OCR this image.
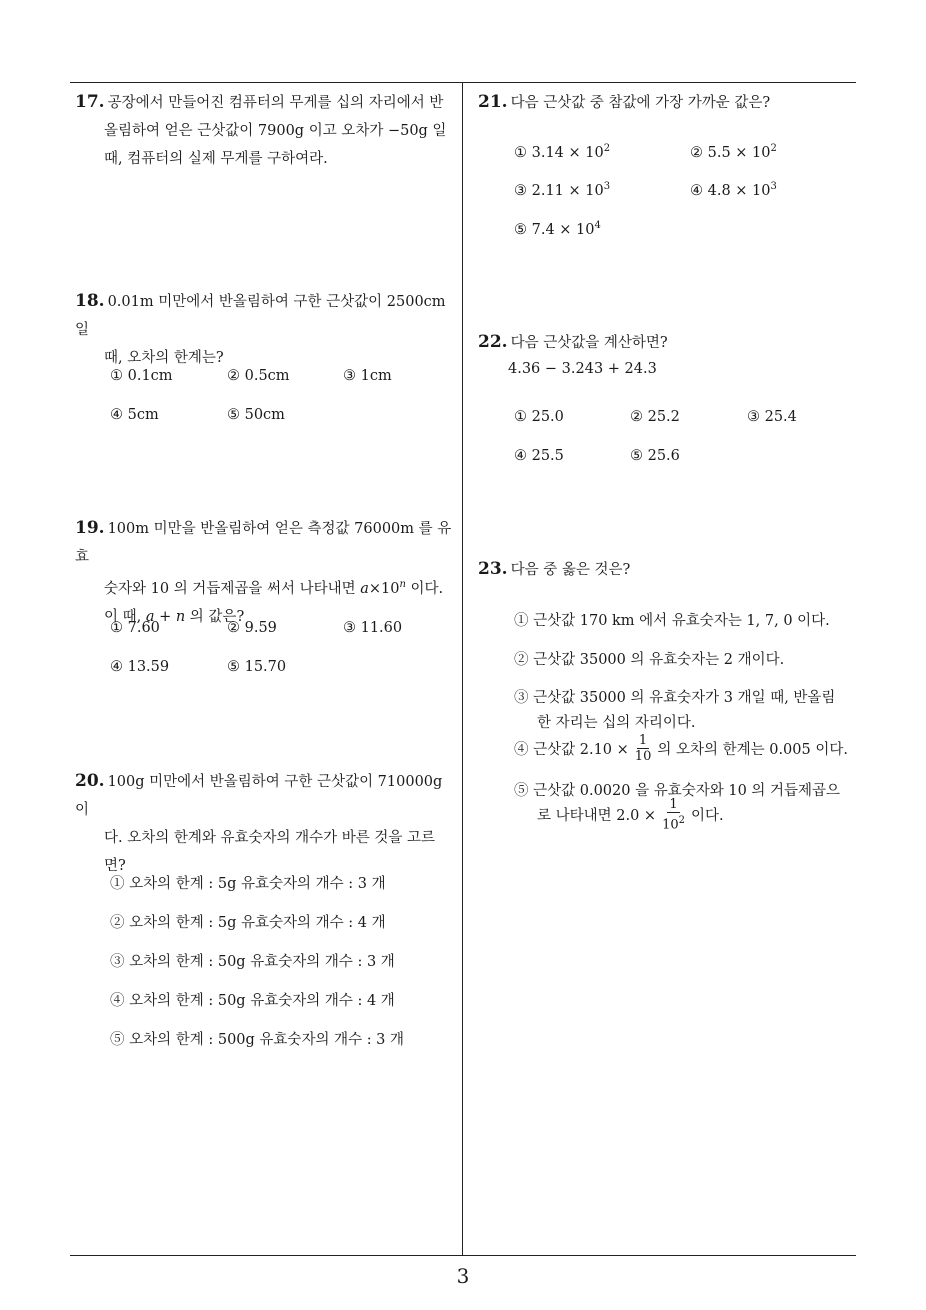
17. 공장에서 만들어진 컴퓨터의 무게를 십의 자리에서 반
올림하여 얻은 근삿값이 7900g 이고 오차가 −50g 일
때, 컴퓨터의 실제 무게를 구하여라.
18. 0.01m 미만에서 반올림하여 구한 근삿값이 2500cm 일
때, 오차의 한계는?
① 0.1cm	② 0.5cm	③ 1cm
④ 5cm	⑤ 50cm
19. 100m 미만을 반올림하여 얻은 측정값 76000m 를 유효
숫자와 10 의 거듭제곱을 써서 나타내면 $a\times 10^n$ 이다.
이 때, a + n 의 값은?
① 7.60	② 9.59	③ 11.60
④ 13.59	⑤ 15.70
20. 100g 미만에서 반올림하여 구한 근삿값이 710000g 이
다. 오차의 한계와 유효숫자의 개수가 바른 것을 고르
면?
① 오차의 한계 : 5g 유효숫자의 개수 : 3 개
② 오차의 한계 : 5g 유효숫자의 개수 : 4 개
③ 오차의 한계 : 50g 유효숫자의 개수 : 3 개
④ 오차의 한계 : 50g 유효숫자의 개수 : 4 개
⑤ 오차의 한계 : 500g 유효숫자의 개수 : 3 개
21. 다음 근삿값 중 참값에 가장 가까운 값은?
① $3.14 \times 10^2$	② $5.5 \times 10^2$
③ $2.11 \times 10^3$	④ $4.8 \times 10^3$
⑤ $7.4 \times 10^4$
22. 다음 근삿값을 계산하면?
4.36 − 3.243 + 24.3
① 25.0	② 25.2	③ 25.4
④ 25.5	⑤ 25.6
23. 다음 중 옳은 것은?
① 근삿값 170 km 에서 유효숫자는 1, 7, 0 이다.
② 근삿값 35000 의 유효숫자는 2 개이다.
③ 근삿값 35000 의 유효숫자가 3 개일 때, 반올림
한 자리는 십의 자리이다.
④ 근삿값 $2.10 \times \frac{1}{10}$ 의 오차의 한계는 0.005 이다.
⑤ 근삿값 0.0020 을 유효숫자와 10 의 거듭제곱으
로 나타내면 $2.0 \times \frac{1}{10^2}$ 이다.
3
